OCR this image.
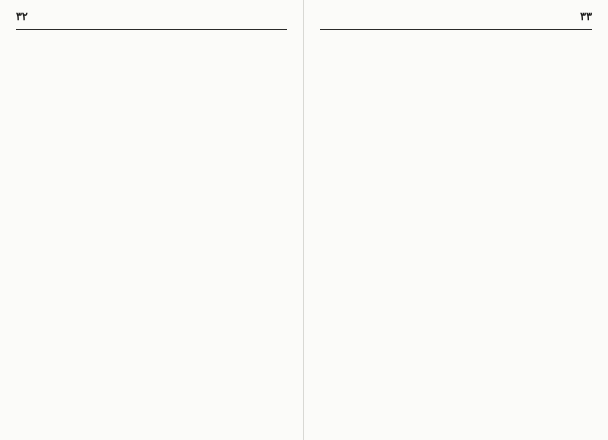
۳۲	۳۳
